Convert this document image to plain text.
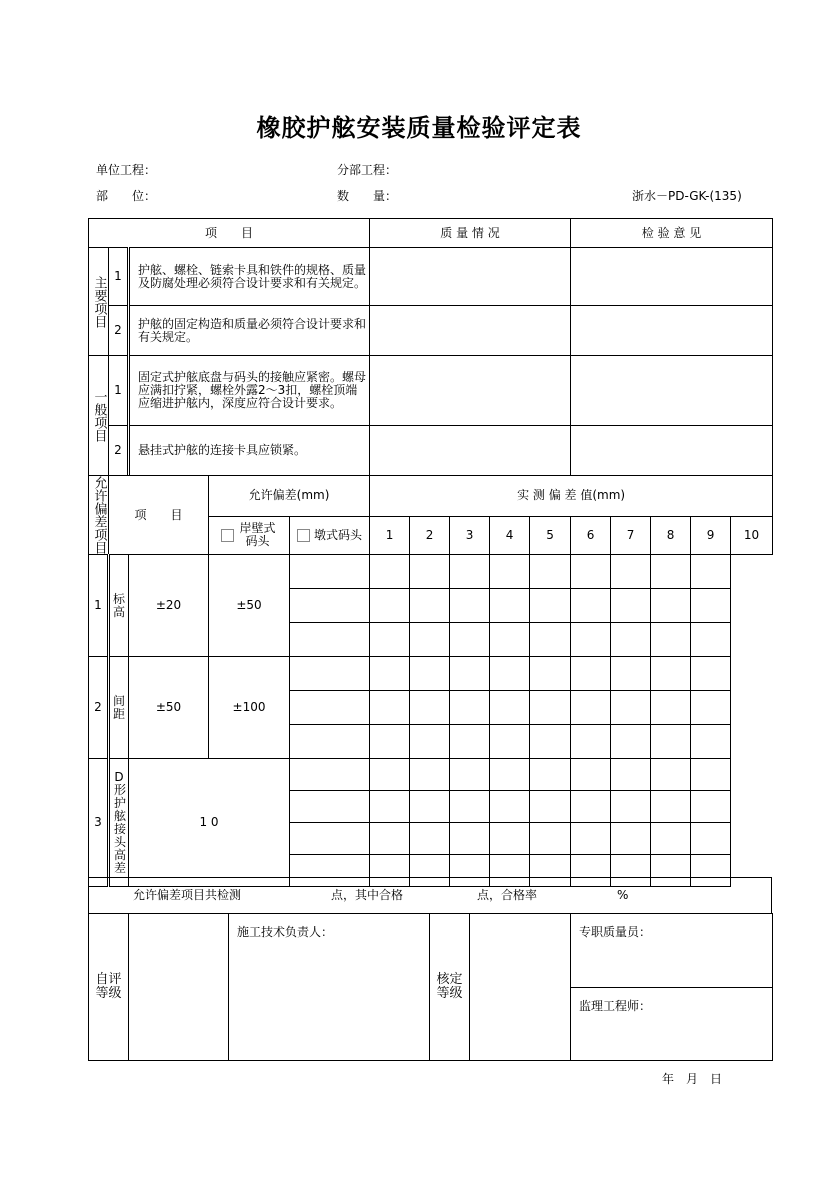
橡胶护舷安装质量检验评定表
单位工程：	分部工程：
部　　位：	数　　量：	浙水－PD-GK-(135)
项　　目			质 量 情 况	检 验 意 见
主要项目	1	护舷、螺栓、链索卡具和铁件的规格、质量及防腐处理必须符合设计要求和有关规定。		
	2	护舷的固定构造和质量必须符合设计要求和有关规定。		
一般项目	1	固定式护舷底盘与码头的接触应紧密。螺母应满扣拧紧，螺栓外露2～3扣，螺栓顶端应缩进护舷内，深度应符合设计要求。		
	2	悬挂式护舷的连接卡具应锁紧。		
允许偏差项目	项　　目		允许偏差(mm)		实 测 偏 差 值(mm)									
			岸壁式码头	墩式码头	1	2	3	4	5	6	7	8	9	10
1	标　高	±20	±50											

2	间　距	±50	±100											

3	D形护舷接头高差	1 0												

允许偏差项目共检测	点，其中合格	点，合格率	%
自评等级
		施工技术负责人：	
核定等级
		专职质量员：
监理工程师：
年　月　日
